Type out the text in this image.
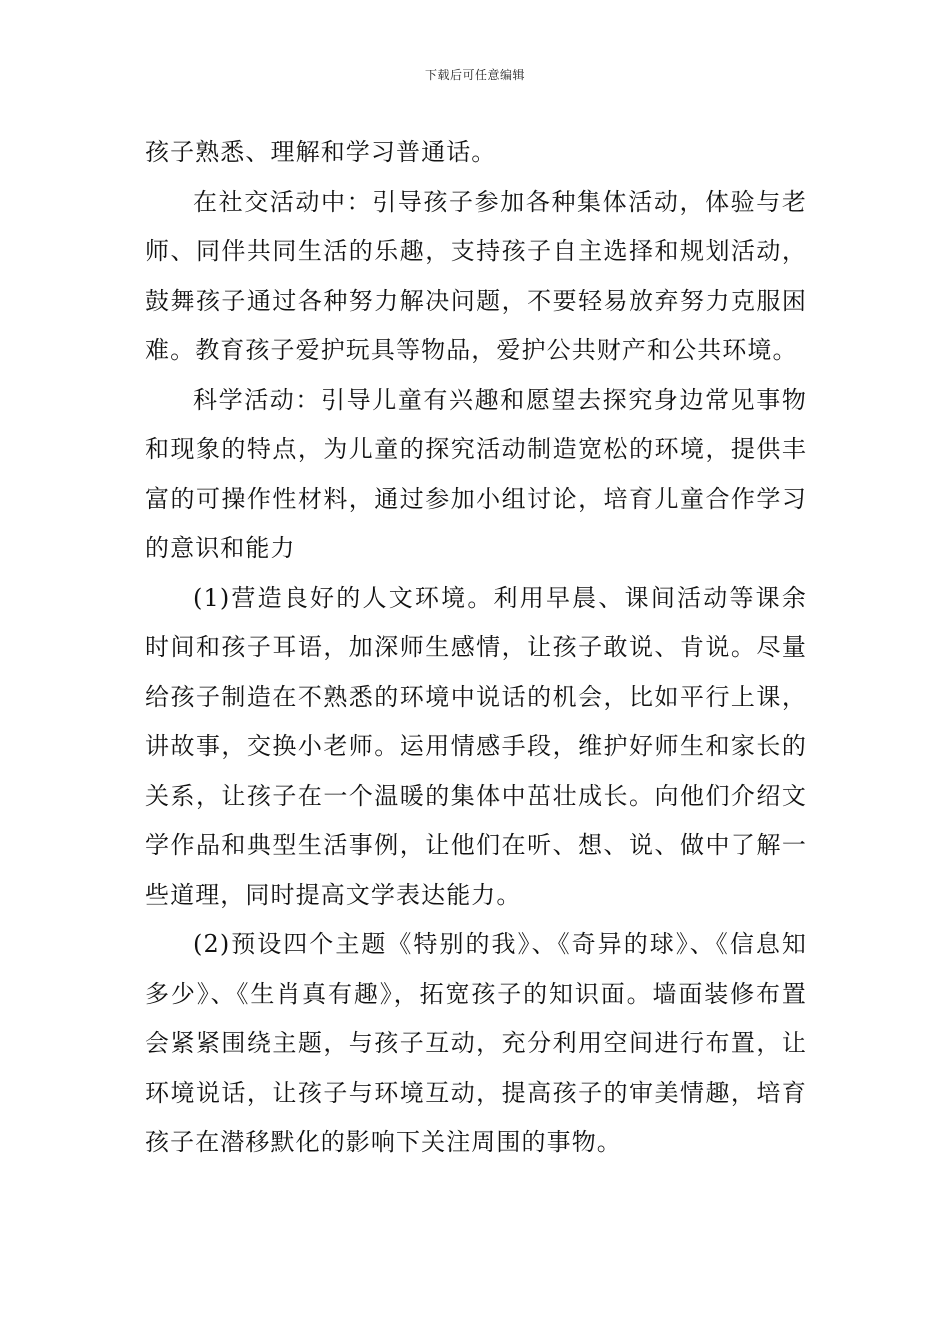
下载后可任意编辑

孩子熟悉、理解和学习普通话。

在社交活动中：引导孩子参加各种集体活动，体验与老师、同伴共同生活的乐趣，支持孩子自主选择和规划活动，鼓舞孩子通过各种努力解决问题，不要轻易放弃努力克服困难。教育孩子爱护玩具等物品，爱护公共财产和公共环境。

科学活动：引导儿童有兴趣和愿望去探究身边常见事物和现象的特点，为儿童的探究活动制造宽松的环境，提供丰富的可操作性材料，通过参加小组讨论，培育儿童合作学习的意识和能力

(1)营造良好的人文环境。利用早晨、课间活动等课余时间和孩子耳语，加深师生感情，让孩子敢说、肯说。尽量给孩子制造在不熟悉的环境中说话的机会，比如平行上课，讲故事，交换小老师。运用情感手段，维护好师生和家长的关系，让孩子在一个温暖的集体中茁壮成长。向他们介绍文学作品和典型生活事例，让他们在听、想、说、做中了解一些道理，同时提高文学表达能力。

(2)预设四个主题《特别的我》、《奇异的球》、《信息知多少》、《生肖真有趣》，拓宽孩子的知识面。墙面装修布置会紧紧围绕主题，与孩子互动，充分利用空间进行布置，让环境说话，让孩子与环境互动，提高孩子的审美情趣，培育孩子在潜移默化的影响下关注周围的事物。
